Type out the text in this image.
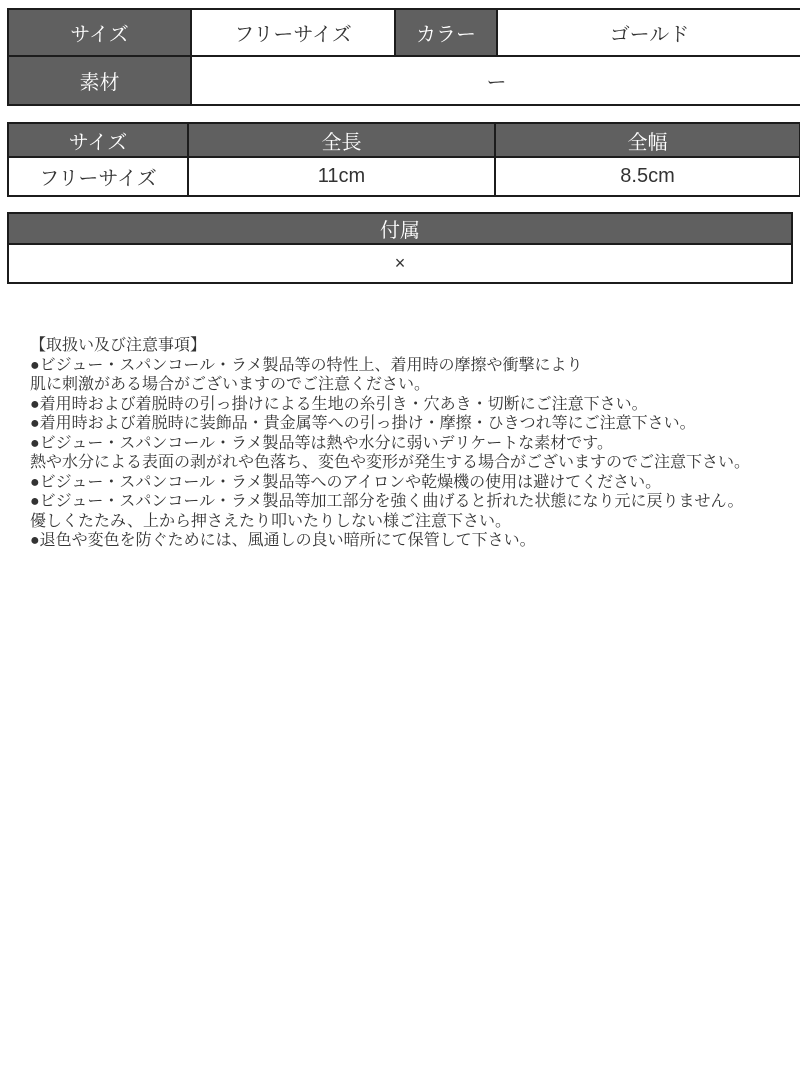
サイズ	フリーサイズ	カラー	ゴールド
素材	ー		
サイズ	全長	全幅
フリーサイズ	11cm	8.5cm
付属
×
【取扱い及び注意事項】
●ビジュー・スパンコール・ラメ製品等の特性上、着用時の摩擦や衝撃により
肌に刺激がある場合がございますのでご注意ください。
●着用時および着脱時の引っ掛けによる生地の糸引き・穴あき・切断にご注意下さい。
●着用時および着脱時に装飾品・貴金属等への引っ掛け・摩擦・ひきつれ等にご注意下さい。
●ビジュー・スパンコール・ラメ製品等は熱や水分に弱いデリケートな素材です。
熱や水分による表面の剥がれや色落ち、変色や変形が発生する場合がございますのでご注意下さい。
●ビジュー・スパンコール・ラメ製品等へのアイロンや乾燥機の使用は避けてください。
●ビジュー・スパンコール・ラメ製品等加工部分を強く曲げると折れた状態になり元に戻りません。
優しくたたみ、上から押さえたり叩いたりしない様ご注意下さい。
●退色や変色を防ぐためには、風通しの良い暗所にて保管して下さい。
